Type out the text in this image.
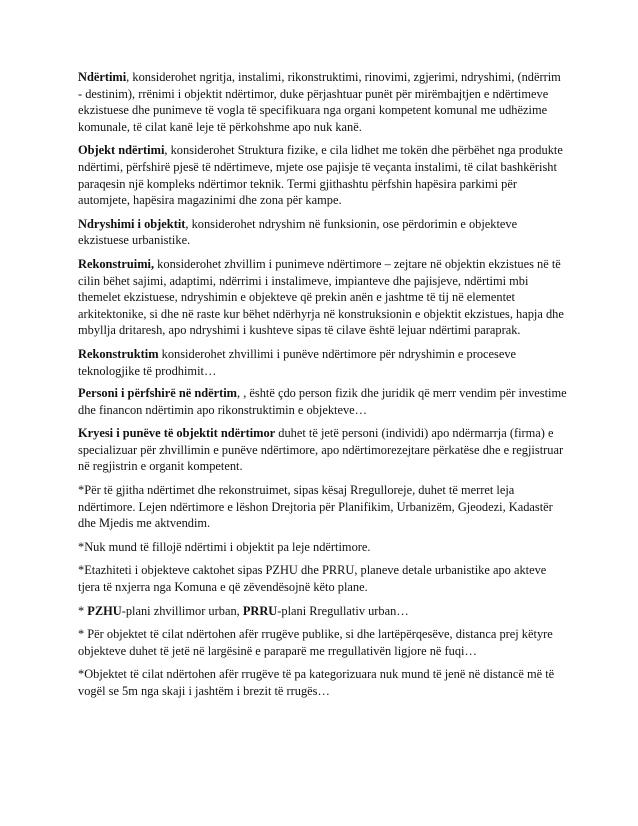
Ndërtimi, konsiderohet ngritja, instalimi, rikonstruktimi, rinovimi, zgjerimi, ndryshimi, (ndërrim - destinim), rrënimi i objektit ndërtimor, duke përjashtuar punët për mirëmbajtjen e ndërtimeve ekzistuese dhe punimeve të vogla të specifikuara nga organi kompetent komunal me udhëzime komunale, të cilat kanë leje të përkohshme apo nuk kanë.

Objekt ndërtimi, konsiderohet Struktura fizike, e cila lidhet me tokën dhe përbëhet nga produkte ndërtimi, përfshirë pjesë të ndërtimeve, mjete ose pajisje të veçanta instalimi, të cilat bashkërisht paraqesin një kompleks ndërtimor teknik. Termi gjithashtu përfshin hapësira parkimi për automjete, hapësira magazinimi dhe zona për kampe.

Ndryshimi i objektit, konsiderohet ndryshim në funksionin, ose përdorimin e objekteve ekzistuese urbanistike.

Rekonstruimi, konsiderohet zhvillim i punimeve ndërtimore – zejtare në objektin ekzistues në të cilin bëhet sajimi, adaptimi, ndërrimi i instalimeve, impianteve dhe pajisjeve, ndërtimi mbi themelet ekzistuese, ndryshimin e objekteve që prekin anën e jashtme të tij në elementet arkitektonike, si dhe në raste kur bëhet ndërhyrja në konstruksionin e objektit ekzistues, hapja dhe mbyllja dritaresh, apo ndryshimi i kushteve sipas të cilave është lejuar ndërtimi paraprak.

Rekonstruktim konsiderohet zhvillimi i punëve ndërtimore për ndryshimin e proceseve teknologjike të prodhimit…

Personi i përfshirë në ndërtim, , është çdo person fizik dhe juridik që merr vendim për investime dhe financon ndërtimin apo rikonstruktimin e objekteve…

Kryesi i punëve të objektit ndërtimor duhet të jetë personi (individi) apo ndërmarrja (firma) e specializuar për zhvillimin e punëve ndërtimore, apo ndërtimorezejtare përkatëse dhe e regjistruar në regjistrin e organit kompetent.

*Për të gjitha ndërtimet dhe rekonstruimet, sipas kësaj Rregulloreje, duhet të merret leja ndërtimore. Lejen ndërtimore e lëshon Drejtoria për Planifikim, Urbanizëm, Gjeodezi, Kadastër dhe Mjedis me aktvendim.

*Nuk mund të fillojë ndërtimi i objektit pa leje ndërtimore.

*Etazhiteti i objekteve caktohet sipas PZHU dhe PRRU, planeve detale urbanistike apo akteve tjera të nxjerra nga Komuna e që zëvendësojnë këto plane.

* PZHU-plani zhvillimor urban, PRRU-plani Rregullativ urban…

* Për objektet të cilat ndërtohen afër rrugëve publike, si dhe lartëpërqesëve, distanca prej këtyre objekteve duhet të jetë në largësinë e paraparë me rregullativën ligjore në fuqi…

*Objektet të cilat ndërtohen afër rrugëve të pa kategorizuara nuk mund të jenë në distancë më të vogël se 5m nga skaji i jashtëm i brezit të rrugës…
